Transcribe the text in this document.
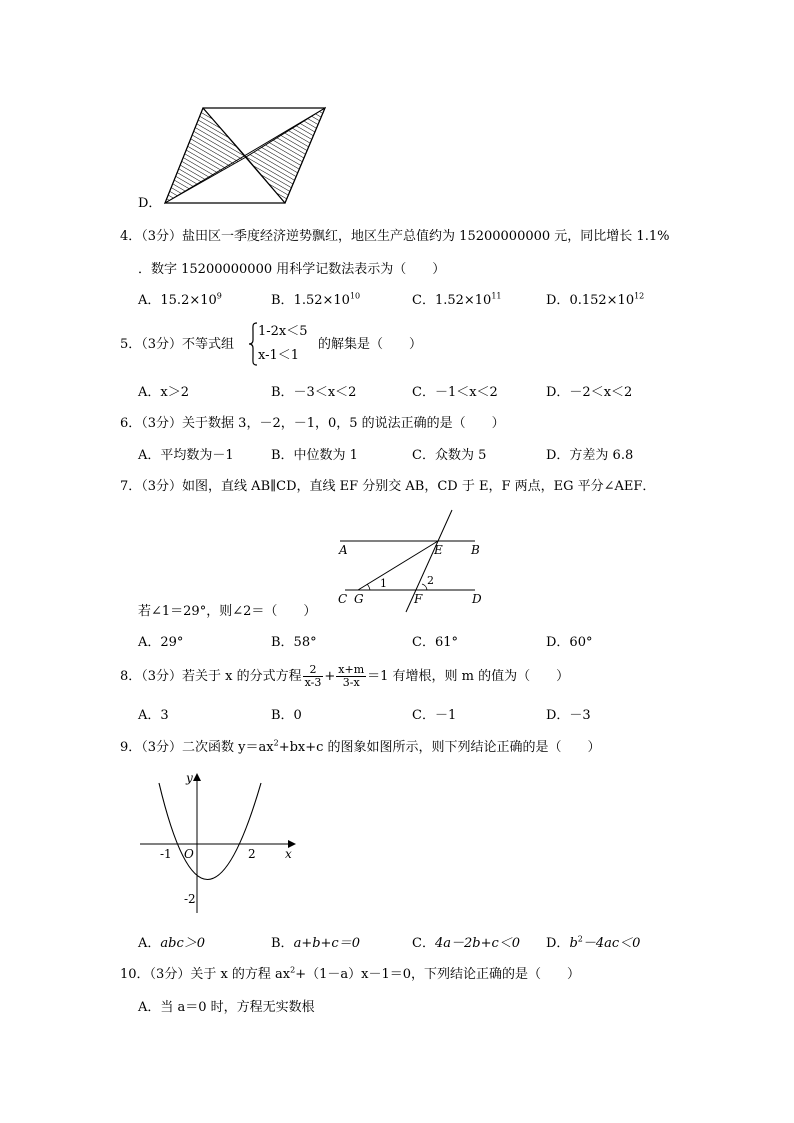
D．
4．（3分）盐田区一季度经济逆势飘红，地区生产总值约为 15200000000 元，同比增长 1.1%
．数字 15200000000 用科学记数法表示为（　　）
A．$15.2\times 10^9$	B．$1.52\times 10^{10}$	C．$1.52\times 10^{11}$	D．$0.152\times 10^{12}$
5．（3分）不等式组
1-2x＜5
x-1＜1
的解集是（　　）
A．x＞2	B．－3＜x＜2	C．－1＜x＜2	D．－2＜x＜2
6．（3分）关于数据 3，－2，－1，0，5 的说法正确的是（　　）
A．平均数为－1	B．中位数为 1	C．众数为 5	D．方差为 6.8
7．（3分）如图，直线 AB∥CD，直线 EF 分别交 AB，CD 于 E，F 两点，EG 平分∠AEF．
A	E B
1	2
C G	F	D
若∠1＝29°，则∠2＝（　　）
A．29°	B．58°	C．61°	D．60°
8．（3分）若关于 x 的分式方程 $\frac{2}{x-3} + \frac{x+m}{3-x} =1$ 有增根，则 m 的值为（　　）
A．3	B．0	C．－1	D．－3
9．（3分）二次函数 $y=ax^2+bx+c$ 的图象如图所示，则下列结论正确的是（　　）
y
x
O
-1	2
-2
A．abc＞0	B．a+b+c＝0	C．4a－2b+c＜0 D．$b^2-4ac<0$
10．（3分）关于 x 的方程 $ax^2+(1-a)x-1=0$，下列结论正确的是（　　）
A．当 a＝0 时，方程无实数根
